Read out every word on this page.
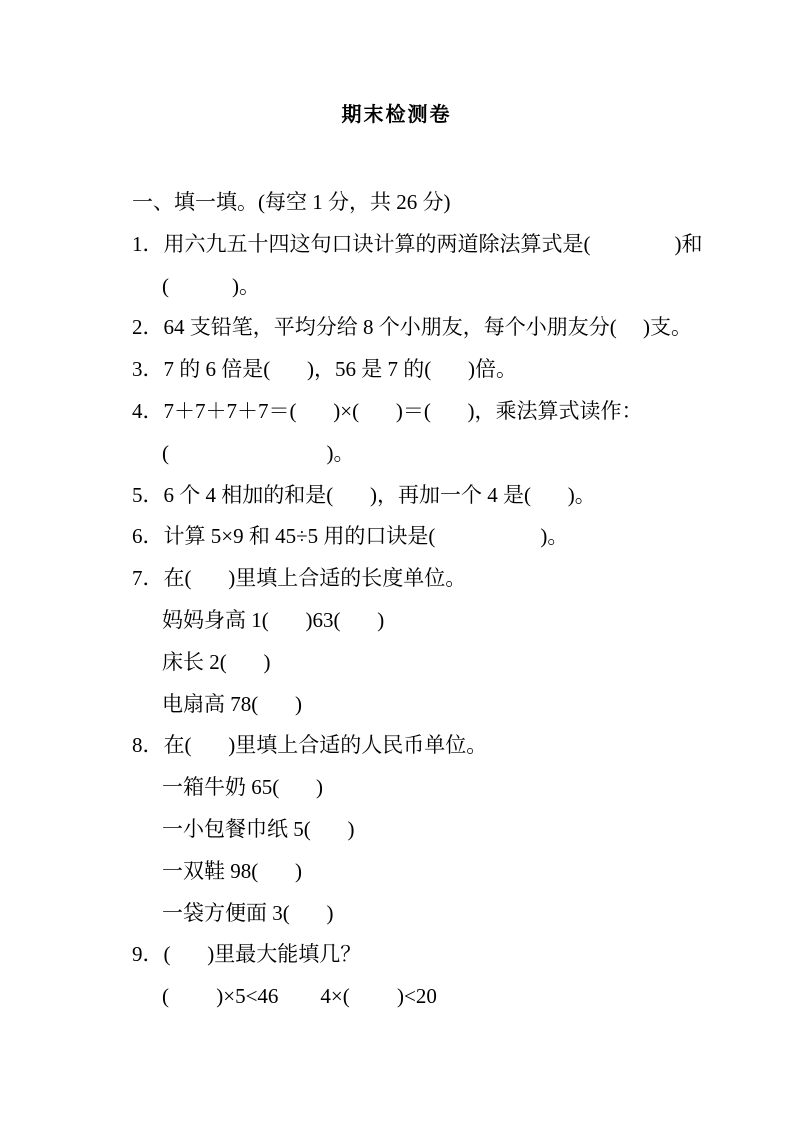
期末检测卷
一、填一填。(每空 1 分，共 26 分)
1．用六九五十四这句口诀计算的两道除法算式是(                )和
(            )。
2．64 支铅笔，平均分给 8 个小朋友，每个小朋友分(     )支。
3．7 的 6 倍是(       )，56 是 7 的(       )倍。
4．7＋7＋7＋7＝(       )×(       )＝(       )，乘法算式读作：
(                              )。
5．6 个 4 相加的和是(       )，再加一个 4 是(       )。
6．计算 5×9 和 45÷5 用的口诀是(                    )。
7．在(       )里填上合适的长度单位。
妈妈身高 1(       )63(       )
床长 2(       )
电扇高 78(       )
8．在(       )里填上合适的人民币单位。
一箱牛奶 65(       )
一小包餐巾纸 5(       )
一双鞋 98(       )
一袋方便面 3(       )
9．(       )里最大能填几？
(         )×5<46        4×(         )<20
